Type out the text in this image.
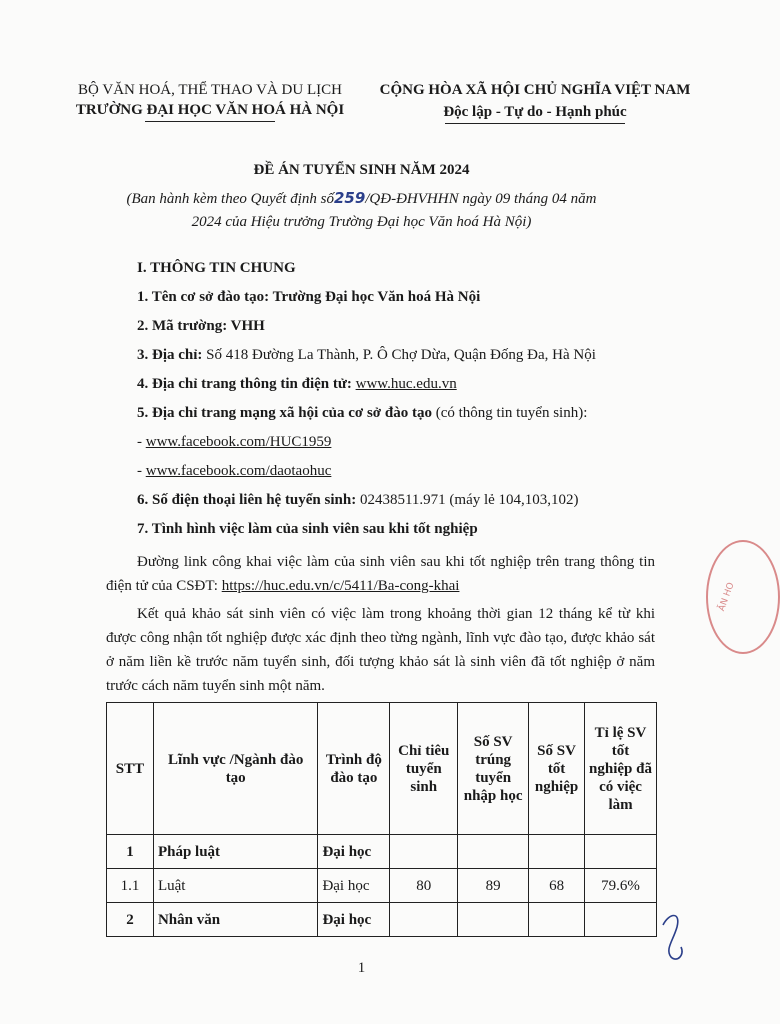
BỘ VĂN HOÁ, THỂ THAO VÀ DU LỊCH
TRƯỜNG ĐẠI HỌC VĂN HOÁ HÀ NỘI
CỘNG HÒA XÃ HỘI CHỦ NGHĨA VIỆT NAM
Độc lập - Tự do - Hạnh phúc
ĐỀ ÁN TUYỂN SINH NĂM 2024
(Ban hành kèm theo Quyết định số259/QĐ-ĐHVHHN ngày 09 tháng 04 năm
2024 của Hiệu trưởng Trường Đại học Văn hoá Hà Nội)
I. THÔNG TIN CHUNG
1. Tên cơ sở đào tạo: Trường Đại học Văn hoá Hà Nội
2. Mã trường: VHH
3. Địa chỉ: Số 418 Đường La Thành, P. Ô Chợ Dừa, Quận Đống Đa, Hà Nội
4. Địa chỉ trang thông tin điện tử: www.huc.edu.vn
5. Địa chỉ trang mạng xã hội của cơ sở đào tạo (có thông tin tuyển sinh):
- www.facebook.com/HUC1959
- www.facebook.com/daotaohuc
6. Số điện thoại liên hệ tuyển sinh: 02438511.971 (máy lẻ 104,103,102)
7. Tình hình việc làm của sinh viên sau khi tốt nghiệp
Đường link công khai việc làm của sinh viên sau khi tốt nghiệp trên trang thông tin điện tử của CSĐT: https://huc.edu.vn/c/5411/Ba-cong-khai
Kết quả khảo sát sinh viên có việc làm trong khoảng thời gian 12 tháng kể từ khi được công nhận tốt nghiệp được xác định theo từng ngành, lĩnh vực đào tạo, được khảo sát ở năm liền kề trước năm tuyển sinh, đối tượng khảo sát là sinh viên đã tốt nghiệp ở năm trước cách năm tuyển sinh một năm.
STT	Lĩnh vực /Ngành đào tạo	Trình độ đào tạo	Chỉ tiêu tuyển sinh	Số SV trúng tuyển nhập học	Số SV tốt nghiệp	Tỉ lệ SV tốt nghiệp đã có việc làm
1	Pháp luật	Đại học				
1.1	Luật	Đại học	80	89	68	79.6%
2	Nhân văn	Đại học				
ĂN HO
1
